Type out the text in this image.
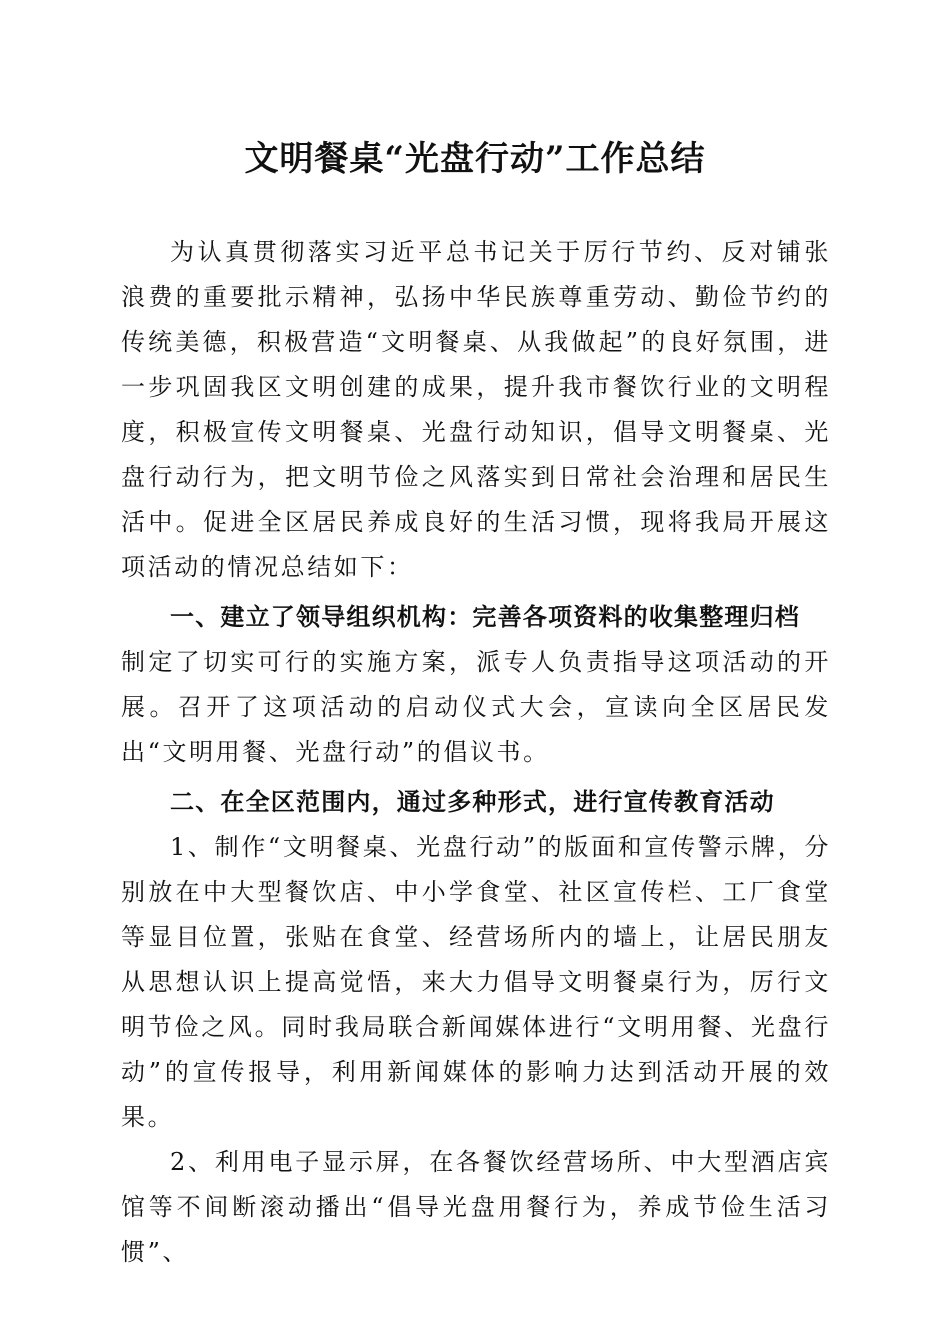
文明餐桌“光盘行动”工作总结

为认真贯彻落实习近平总书记关于厉行节约、反对铺张浪费的重要批示精神，弘扬中华民族尊重劳动、勤俭节约的传统美德，积极营造“文明餐桌、从我做起”的良好氛围，进一步巩固我区文明创建的成果，提升我市餐饮行业的文明程度，积极宣传文明餐桌、光盘行动知识，倡导文明餐桌、光盘行动行为，把文明节俭之风落实到日常社会治理和居民生活中。促进全区居民养成良好的生活习惯，现将我局开展这项活动的情况总结如下：

一、建立了领导组织机构：完善各项资料的收集整理归档

制定了切实可行的实施方案，派专人负责指导这项活动的开展。召开了这项活动的启动仪式大会，宣读向全区居民发出“文明用餐、光盘行动”的倡议书。

二、在全区范围内，通过多种形式，进行宣传教育活动

1、制作“文明餐桌、光盘行动”的版面和宣传警示牌，分别放在中大型餐饮店、中小学食堂、社区宣传栏、工厂食堂等显目位置，张贴在食堂、经营场所内的墙上，让居民朋友从思想认识上提高觉悟，来大力倡导文明餐桌行为，厉行文明节俭之风。同时我局联合新闻媒体进行“文明用餐、光盘行动”的宣传报导，利用新闻媒体的影响力达到活动开展的效果。

2、利用电子显示屏，在各餐饮经营场所、中大型酒店宾馆等不间断滚动播出“倡导光盘用餐行为，养成节俭生活习惯”、
